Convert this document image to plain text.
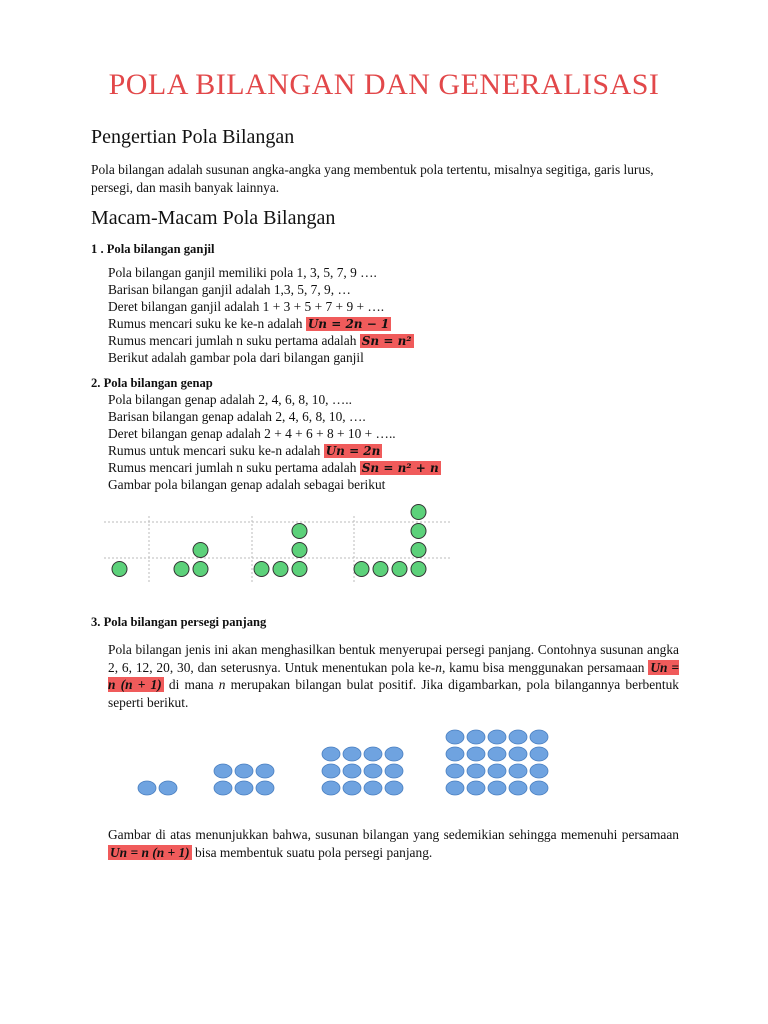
POLA BILANGAN DAN GENERALISASI
Pengertian Pola Bilangan
Pola bilangan adalah susunan angka-angka yang membentuk pola tertentu, misalnya segitiga, garis lurus, persegi, dan masih banyak lainnya.
Macam-Macam Pola Bilangan
1 . Pola bilangan ganjil
Pola bilangan ganjil memiliki pola 1, 3, 5, 7, 9 ….
Barisan bilangan ganjil adalah 1,3, 5, 7, 9, …
Deret bilangan ganjil adalah 1 + 3 + 5 + 7 + 9 + ….
Rumus mencari suku ke ke-n adalah Un = 2n − 1
Rumus mencari jumlah n suku pertama adalah Sn = n²
Berikut adalah gambar pola dari bilangan ganjil
2. Pola bilangan genap
Pola bilangan genap adalah 2, 4, 6, 8, 10, …..
Barisan bilangan genap adalah 2, 4, 6, 8, 10, ….
Deret bilangan genap adalah 2 + 4 + 6 + 8 + 10 + …..
Rumus untuk mencari suku ke-n adalah Un = 2n
Rumus mencari jumlah n suku pertama adalah Sn = n² + n
Gambar pola bilangan genap adalah sebagai berikut
3. Pola bilangan persegi panjang
Pola bilangan jenis ini akan menghasilkan bentuk menyerupai persegi panjang. Contohnya susunan angka 2, 6, 12, 20, 30, dan seterusnya. Untuk menentukan pola ke-n, kamu bisa menggunakan persamaan Un = n (n + 1) di mana n merupakan bilangan bulat positif. Jika digambarkan, pola bilangannya berbentuk seperti berikut.
Gambar di atas menunjukkan bahwa, susunan bilangan yang sedemikian sehingga memenuhi persamaan Un = n (n + 1) bisa membentuk suatu pola persegi panjang.
